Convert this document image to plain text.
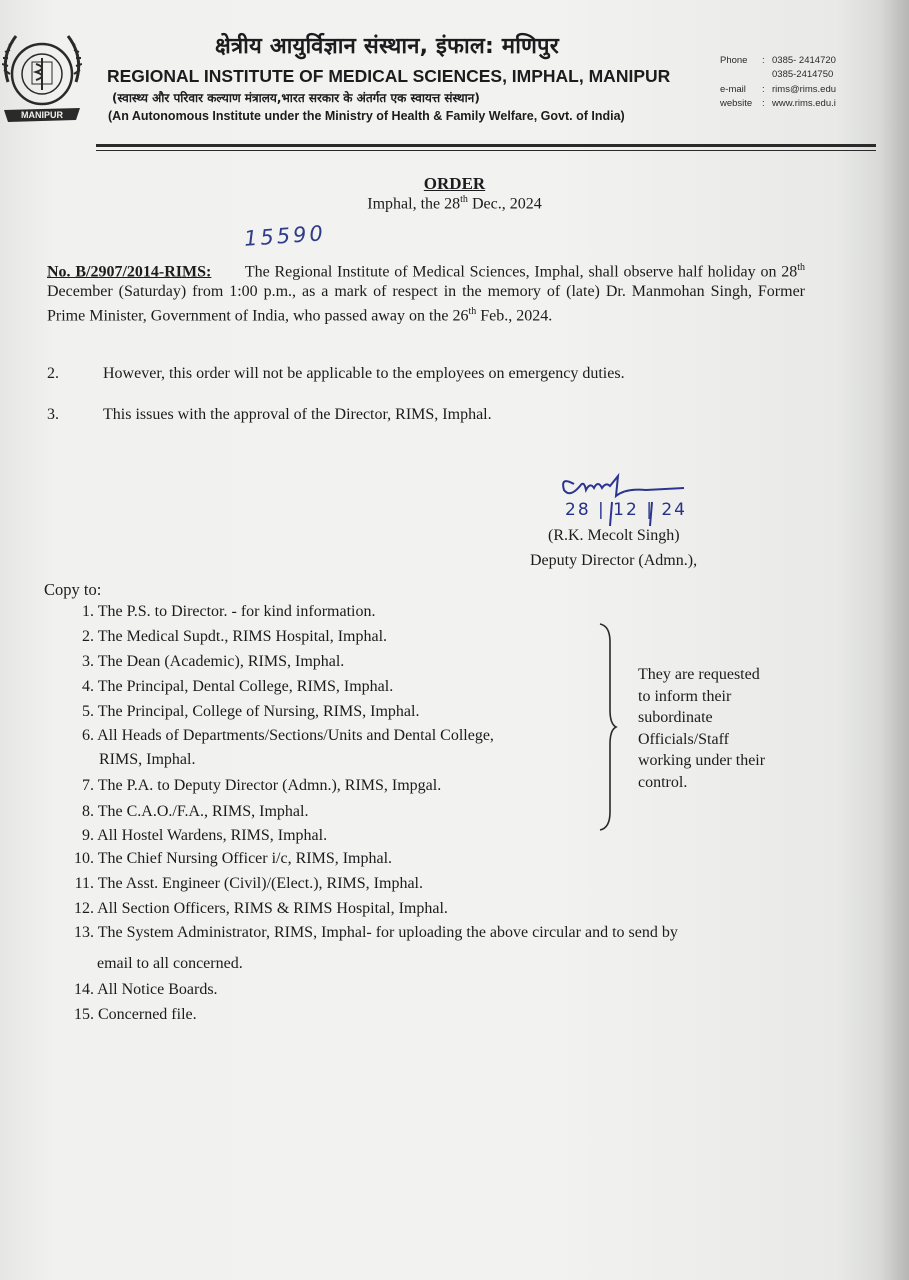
MANIPUR
क्षेत्रीय आयुर्विज्ञान संस्थान, इंफाल: मणिपुर
REGIONAL INSTITUTE OF MEDICAL SCIENCES, IMPHAL, MANIPUR
(स्वास्थ्य और परिवार कल्याण मंत्रालय,भारत सरकार के अंतर्गत एक स्वायत्त संस्थान)
(An Autonomous Institute under the Ministry of Health & Family Welfare, Govt. of India)
Phone : 0385- 2414720
0385-2414750
e-mail : rims@rims.edu
website : www.rims.edu.i
ORDER
Imphal, the 28th Dec., 2024
15590
No. B/2907/2014-RIMS: The Regional Institute of Medical Sciences, Imphal, shall observe half holiday on 28th December (Saturday) from 1:00 p.m., as a mark of respect in the memory of (late) Dr. Manmohan Singh, Former Prime Minister, Government of India, who passed away on the 26th Feb., 2024.
2.	However, this order will not be applicable to the employees on emergency duties.
3.	This issues with the approval of the Director, RIMS, Imphal.
28 | 12 | 24
(R.K. Mecolt Singh)
Deputy Director (Admn.),
Copy to:
1. The P.S. to Director. - for kind information.
2. The Medical Supdt., RIMS Hospital, Imphal.
3. The Dean (Academic), RIMS, Imphal.
4. The Principal, Dental College, RIMS, Imphal.
5. The Principal, College of Nursing, RIMS, Imphal.
6. All Heads of Departments/Sections/Units and Dental College,
RIMS, Imphal.
7. The P.A. to Deputy Director (Admn.), RIMS, Impgal.
8. The C.A.O./F.A., RIMS, Imphal.
9. All Hostel Wardens, RIMS, Imphal.
10. The Chief Nursing Officer i/c, RIMS, Imphal.
11. The Asst. Engineer (Civil)/(Elect.), RIMS, Imphal.
12. All Section Officers, RIMS & RIMS Hospital, Imphal.
13. The System Administrator, RIMS, Imphal- for uploading the above circular and to send by
email to all concerned.
14. All Notice Boards.
15. Concerned file.
They are requested
to inform their
subordinate
Officials/Staff
working under their
control.
